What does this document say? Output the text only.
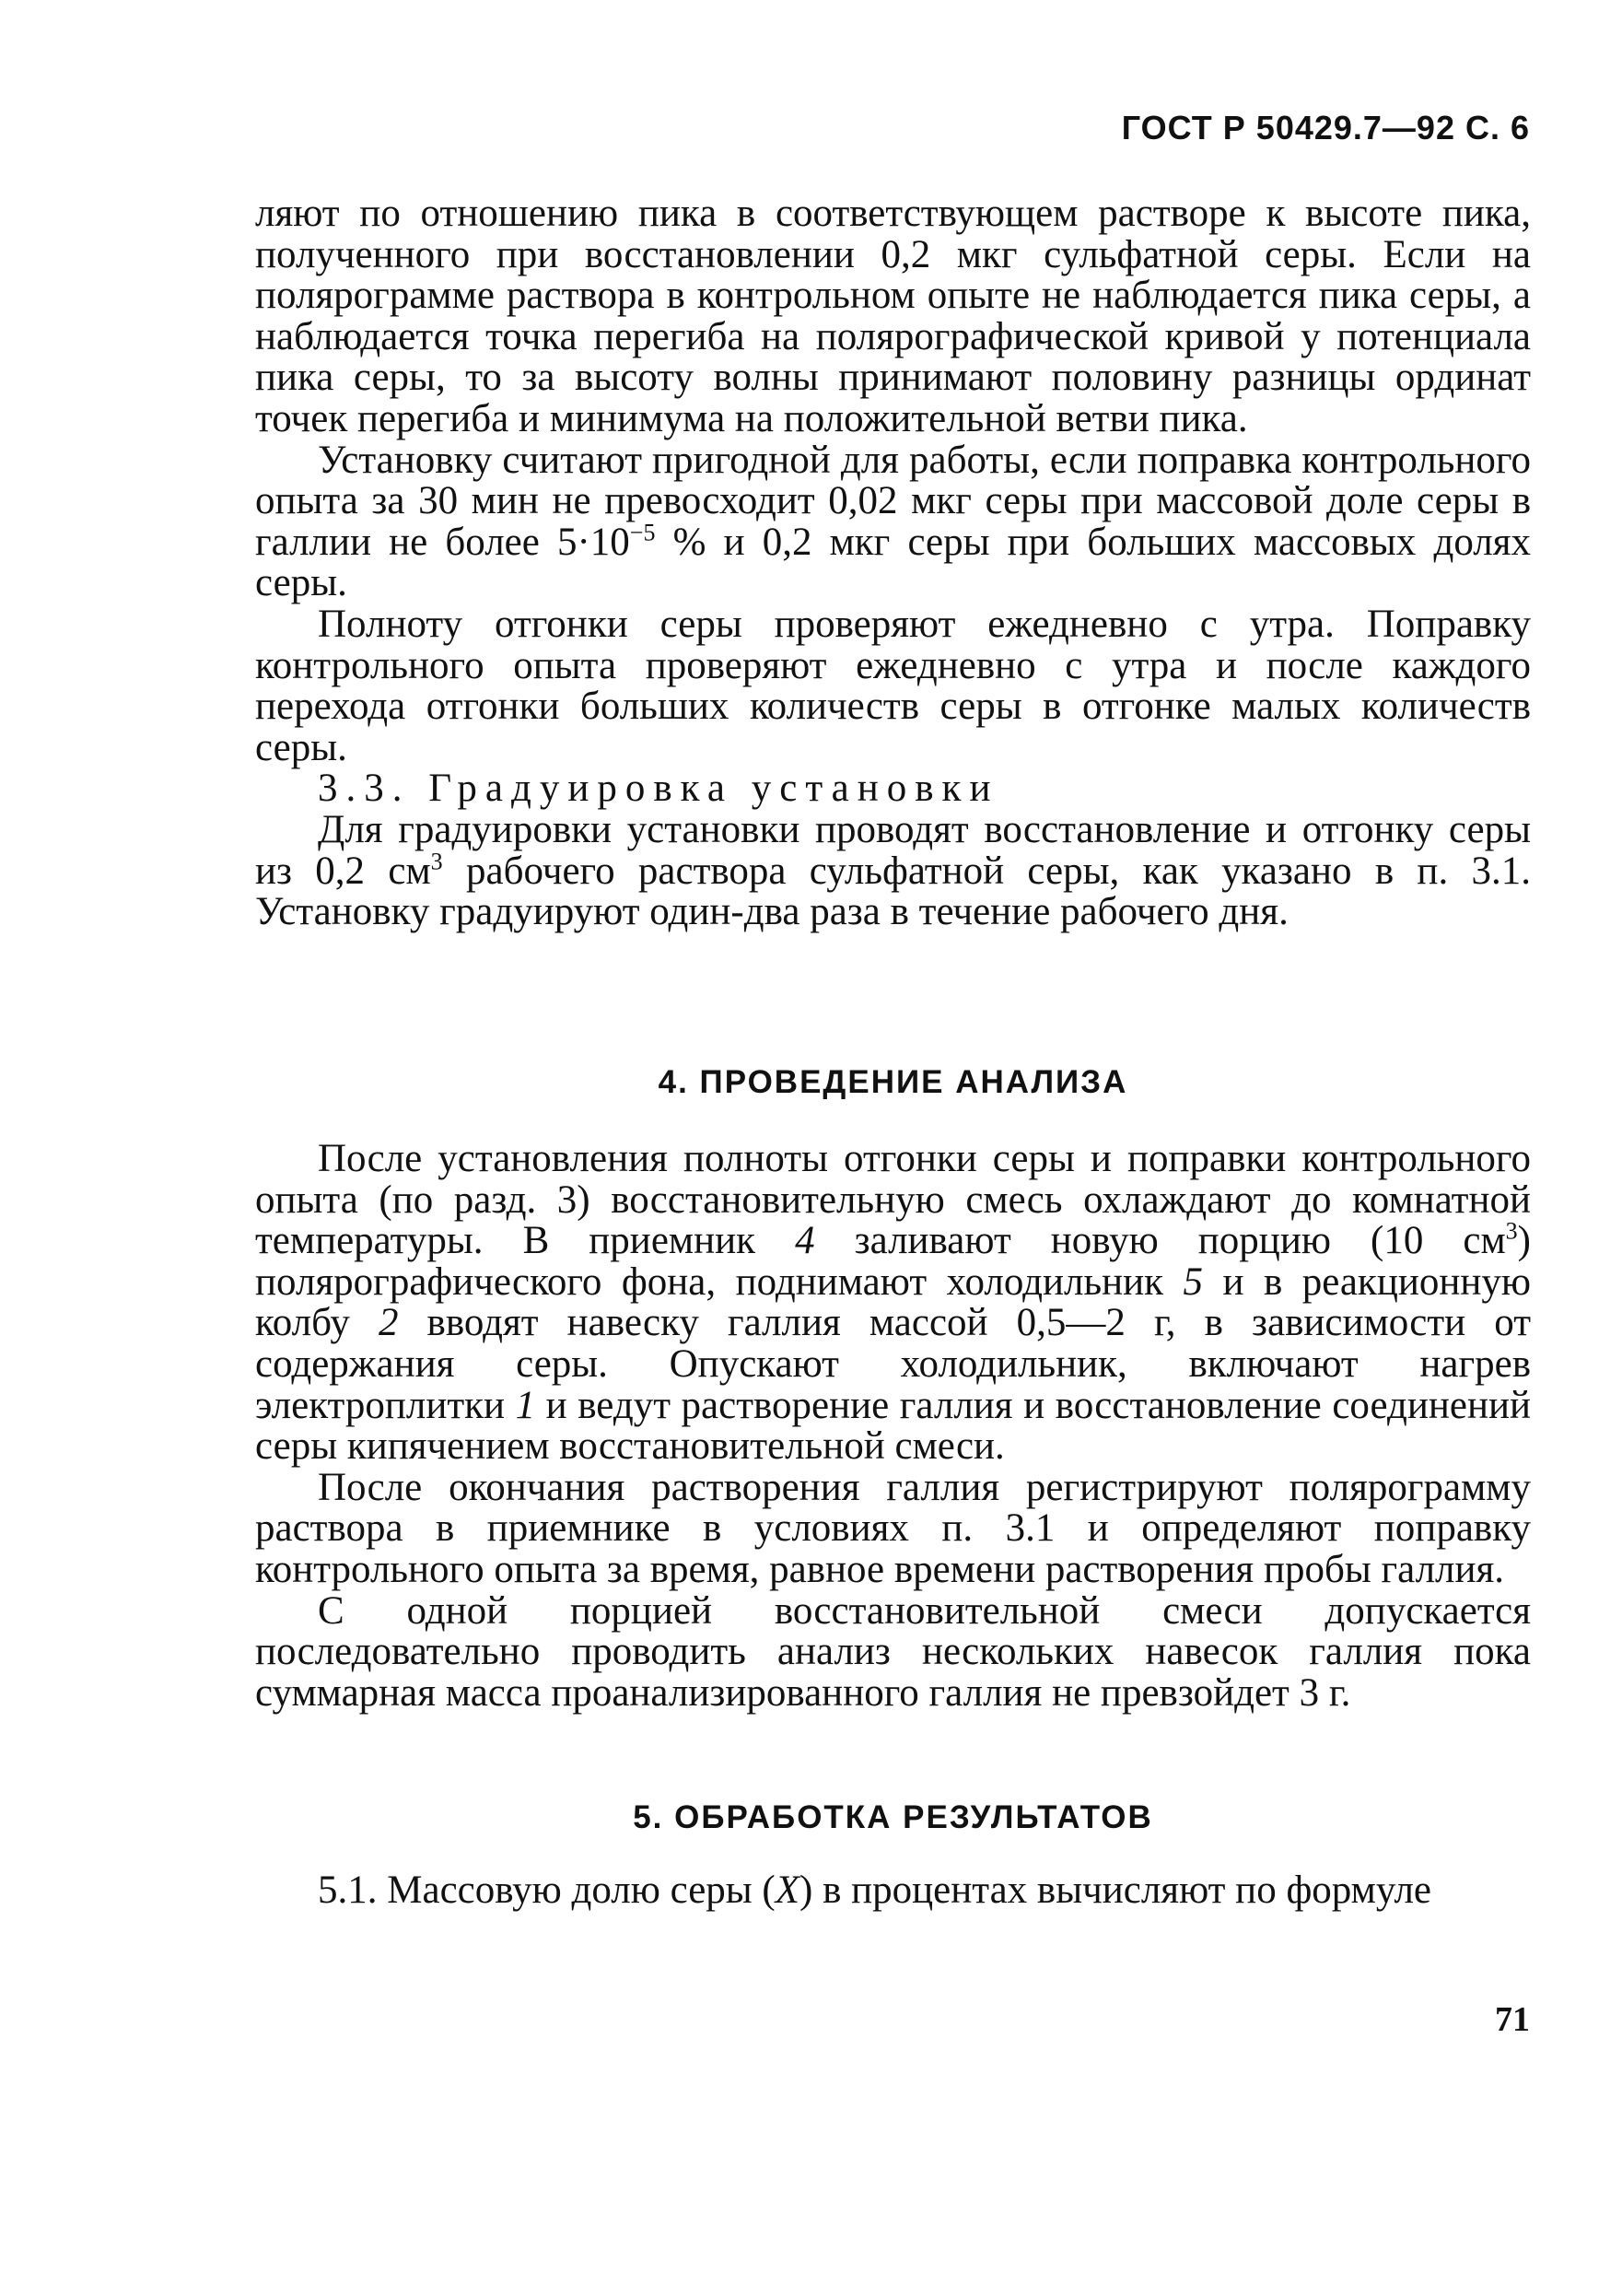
ГОСТ Р 50429.7—92 С. 6

ляют по отношению пика в соответствующем растворе к высоте пика, полученного при восстановлении 0,2 мкг сульфатной серы. Если на полярограмме раствора в контрольном опыте не наблюдается пика серы, а наблюдается точка перегиба на полярографической кривой у потенциала пика серы, то за высоту волны принимают половину разницы ординат точек перегиба и минимума на положительной ветви пика.

Установку считают пригодной для работы, если поправка контрольного опыта за 30 мин не превосходит 0,02 мкг серы при массовой доле серы в галлии не более $5\cdot 10^{-5}$ % и 0,2 мкг серы при больших массовых долях серы.

Полноту отгонки серы проверяют ежедневно с утра. Поправку контрольного опыта проверяют ежедневно с утра и после каждого перехода отгонки больших количеств серы в отгонке малых количеств серы.

3.3. Градуировка установки

Для градуировки установки проводят восстановление и отгонку серы из 0,2 $см^3$ рабочего раствора сульфатной серы, как указано в п. 3.1. Установку градуируют один-два раза в течение рабочего дня.

4. ПРОВЕДЕНИЕ АНАЛИЗА

После установления полноты отгонки серы и поправки контрольного опыта (по разд. 3) восстановительную смесь охлаждают до комнатной температуры. В приемник 4 заливают новую порцию (10 $см^3$) полярографического фона, поднимают холодильник 5 и в реакционную колбу 2 вводят навеску галлия массой 0,5—2 г, в зависимости от содержания серы. Опускают холодильник, включают нагрев электроплитки 1 и ведут растворение галлия и восстановление соединений серы кипячением восстановительной смеси.

После окончания растворения галлия регистрируют полярограмму раствора в приемнике в условиях п. 3.1 и определяют поправку контрольного опыта за время, равное времени растворения пробы галлия.

С одной порцией восстановительной смеси допускается последовательно проводить анализ нескольких навесок галлия пока суммарная масса проанализированного галлия не превзойдет 3 г.

5. ОБРАБОТКА РЕЗУЛЬТАТОВ

5.1. Массовую долю серы (X) в процентах вычисляют по формуле

71
